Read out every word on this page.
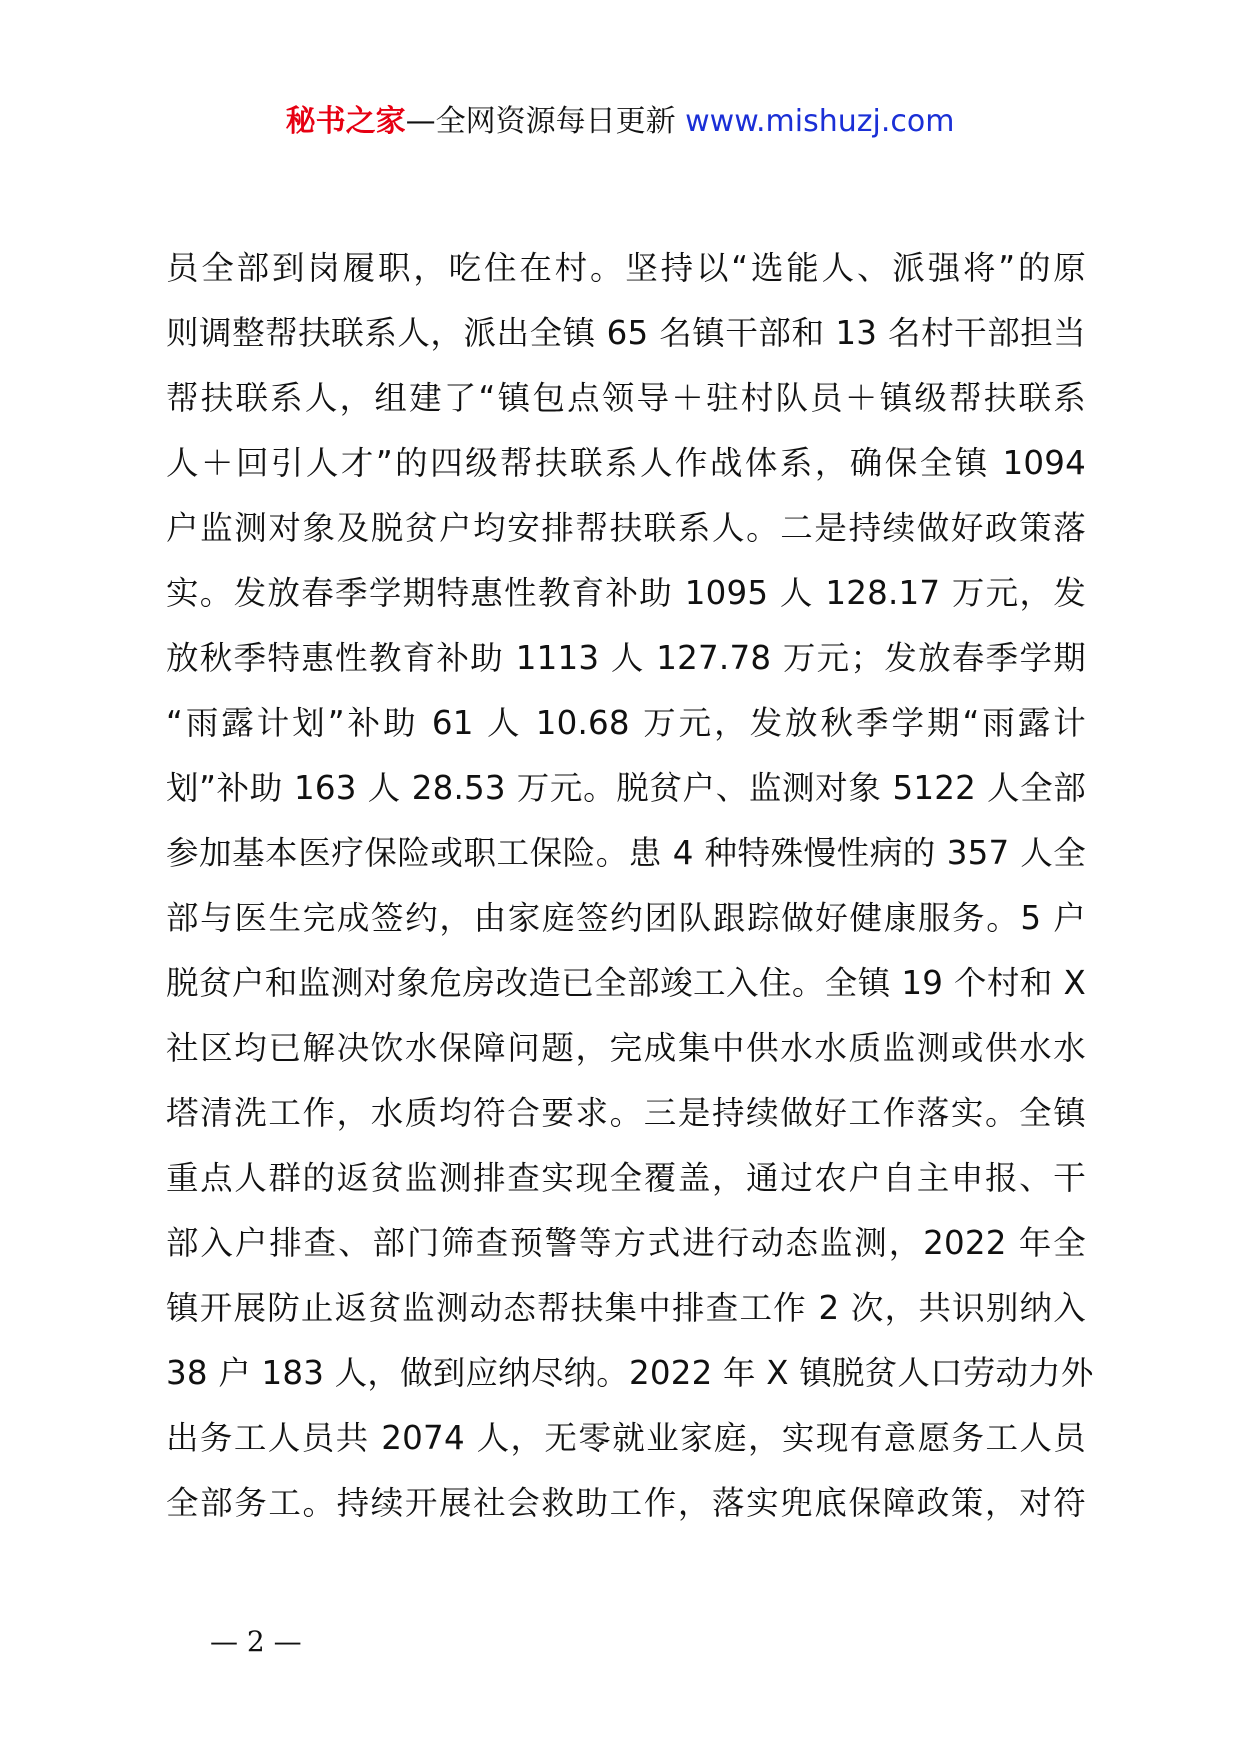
秘书之家—全网资源每日更新 www.mishuzj.com
员全部到岗履职，吃住在村。坚持以“选能人、派强将”的原
则调整帮扶联系人，派出全镇 65 名镇干部和 13 名村干部担当
帮扶联系人，组建了“镇包点领导＋驻村队员＋镇级帮扶联系
人＋回引人才”的四级帮扶联系人作战体系，确保全镇 1094
户监测对象及脱贫户均安排帮扶联系人。二是持续做好政策落
实。发放春季学期特惠性教育补助 1095 人 128.17 万元，发
放秋季特惠性教育补助 1113 人 127.78 万元；发放春季学期
“雨露计划”补助 61 人 10.68 万元，发放秋季学期“雨露计
划”补助 163 人 28.53 万元。脱贫户、监测对象 5122 人全部
参加基本医疗保险或职工保险。患 4 种特殊慢性病的 357 人全
部与医生完成签约，由家庭签约团队跟踪做好健康服务。5 户
脱贫户和监测对象危房改造已全部竣工入住。全镇 19 个村和 X
社区均已解决饮水保障问题，完成集中供水水质监测或供水水
塔清洗工作，水质均符合要求。三是持续做好工作落实。全镇
重点人群的返贫监测排查实现全覆盖，通过农户自主申报、干
部入户排查、部门筛查预警等方式进行动态监测，2022 年全
镇开展防止返贫监测动态帮扶集中排查工作 2 次，共识别纳入
38 户 183 人，做到应纳尽纳。2022 年 X 镇脱贫人口劳动力外
出务工人员共 2074 人，无零就业家庭，实现有意愿务工人员
全部务工。持续开展社会救助工作，落实兜底保障政策，对符
— 2 —
